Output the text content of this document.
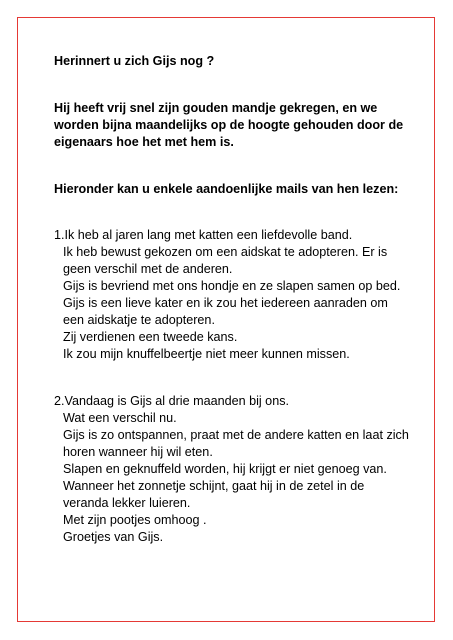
Herinnert u zich Gijs nog ?
Hij heeft vrij snel zijn gouden mandje gekregen, en we
worden bijna maandelijks op de hoogte gehouden door de
eigenaars hoe het met hem is.
Hieronder kan u enkele aandoenlijke mails van hen lezen:
1.Ik heb al jaren lang met katten een liefdevolle band.
Ik heb bewust gekozen om een aidskat te adopteren. Er is
geen verschil met de anderen.
Gijs is bevriend met ons hondje en ze slapen samen op bed.
Gijs is een lieve kater en ik zou het iedereen aanraden om
een aidskatje te adopteren.
Zij verdienen een tweede kans.
Ik zou mijn knuffelbeertje niet meer kunnen missen.
2.Vandaag is Gijs al drie maanden bij ons.
Wat een verschil nu.
Gijs is zo ontspannen, praat met de andere katten en laat zich
horen wanneer hij wil eten.
Slapen en geknuffeld worden, hij krijgt er niet genoeg van.
Wanneer het zonnetje schijnt, gaat hij in de zetel in de
veranda lekker luieren.
Met zijn pootjes omhoog .
Groetjes van Gijs.
